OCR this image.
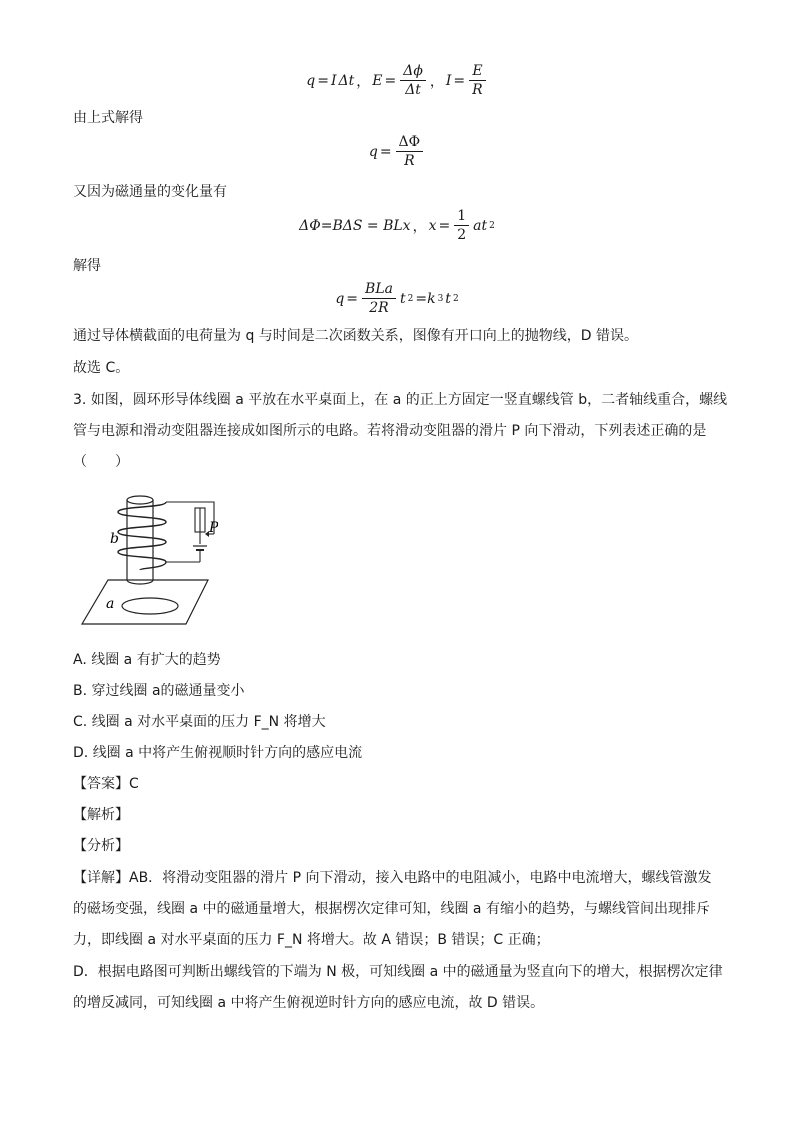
q = I Δt ， $E = \frac{\Delta\phi}{\Delta t}$ ， $I = \frac{E}{R}$
由上式解得
$q = \frac{\Delta\Phi}{R}$
又因为磁通量的变化量有
ΔΦ=BΔS = BLx ， $x = \frac{1}{2}$ at 2
解得
$q = \frac{\text{BLa}}{2R}$ t 2 =k 3 t 2
通过导体横截面的电荷量为 q 与时间是二次函数关系，图像有开口向上的抛物线，D 错误。
故选 C。
3. 如图，圆环形导体线圈 a 平放在水平桌面上，在 a 的正上方固定一竖直螺线管 b，二者轴线重合，螺线
管与电源和滑动变阻器连接成如图所示的电路。若将滑动变阻器的滑片 P 向下滑动，下列表述正确的是
（　　）
b
P
a
A. 线圈 a 有扩大的趋势
B. 穿过线圈 a的磁通量变小
C. 线圈 a 对水平桌面的压力 F_N 将增大
D. 线圈 a 中将产生俯视顺时针方向的感应电流
【答案】C
【解析】
【分析】
【详解】AB．将滑动变阻器的滑片 P 向下滑动，接入电路中的电阻减小，电路中电流增大，螺线管激发
的磁场变强，线圈 a 中的磁通量增大，根据楞次定律可知，线圈 a 有缩小的趋势，与螺线管间出现排斥
力，即线圈 a 对水平桌面的压力 F_N 将增大。故 A 错误；B 错误；C 正确；
D．根据电路图可判断出螺线管的下端为 N 极，可知线圈 a 中的磁通量为竖直向下的增大，根据楞次定律
的增反减同，可知线圈 a 中将产生俯视逆时针方向的感应电流，故 D 错误。
